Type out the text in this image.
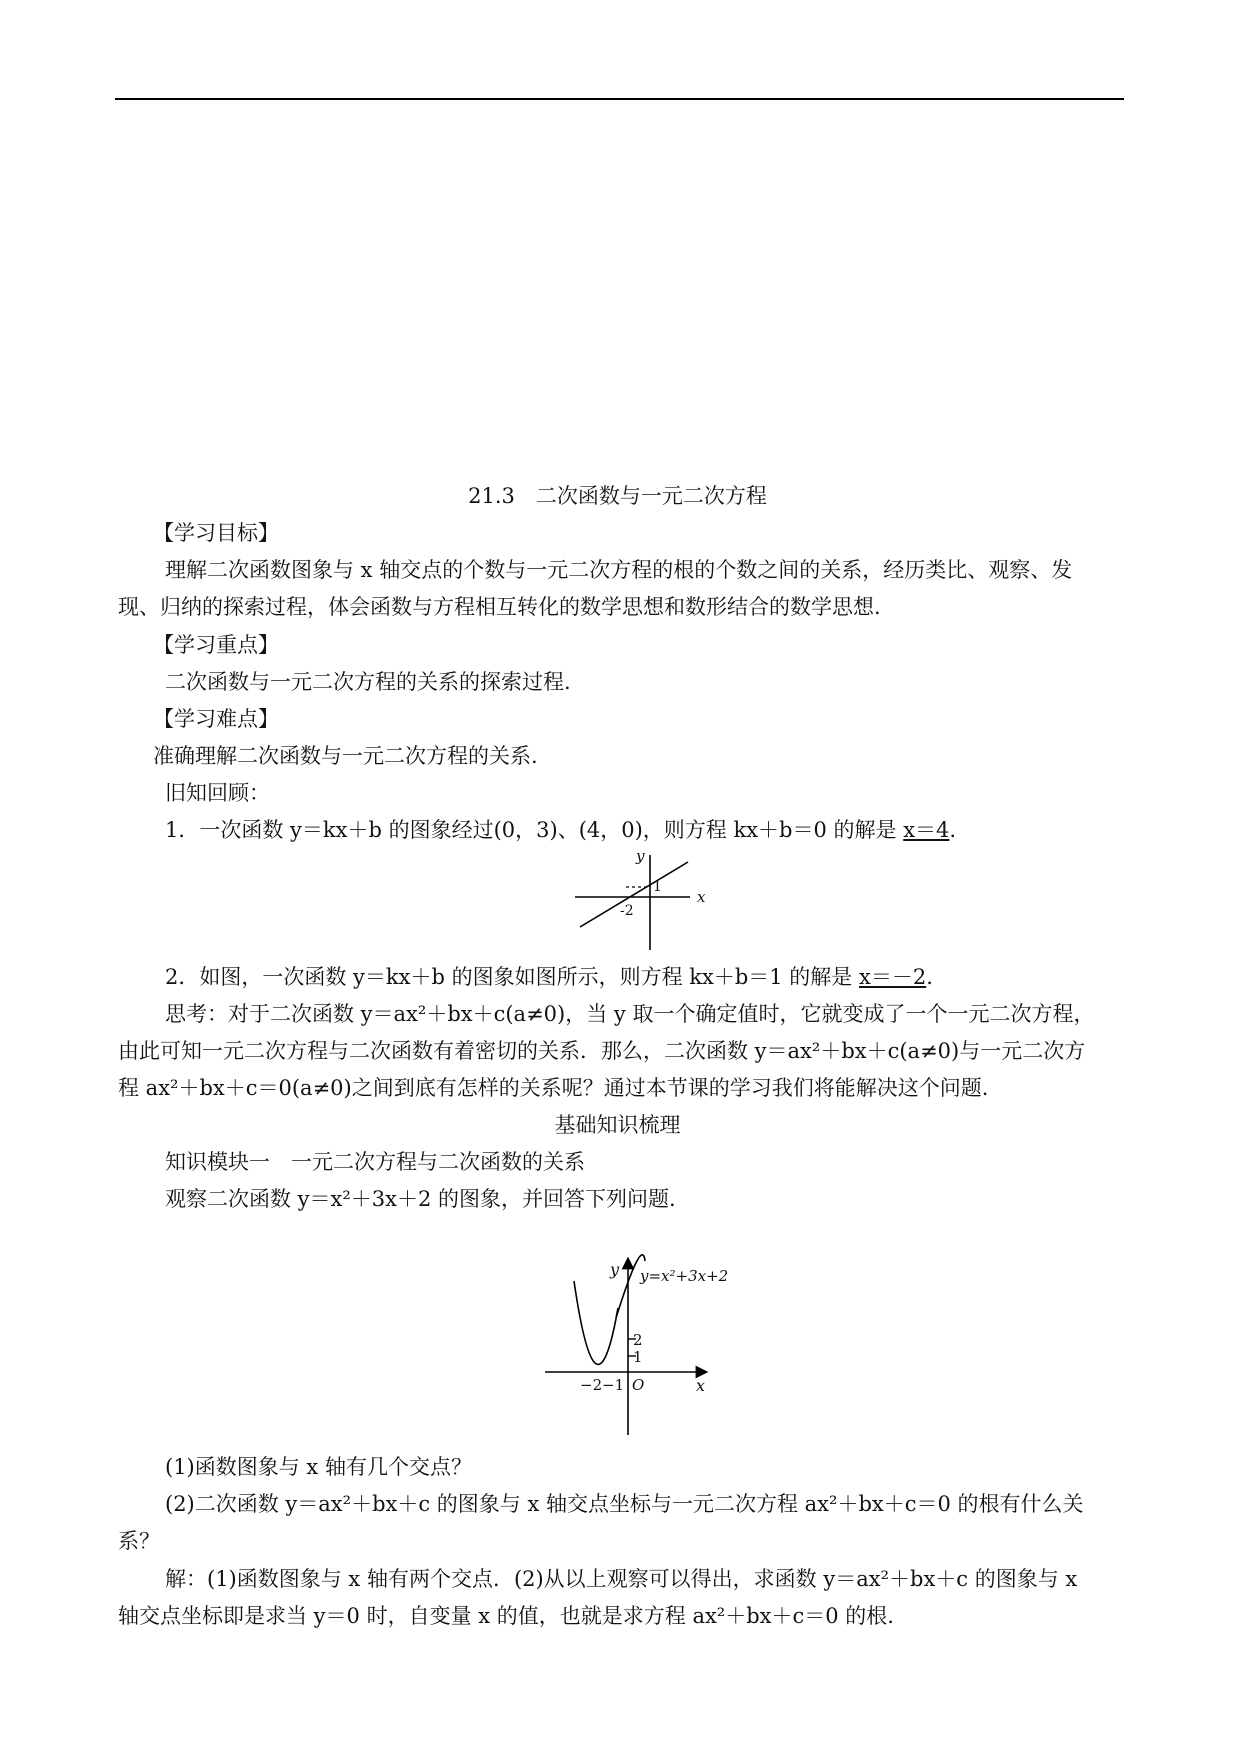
21.3　二次函数与一元二次方程
【学习目标】
理解二次函数图象与 x 轴交点的个数与一元二次方程的根的个数之间的关系，经历类比、观察、发
现、归纳的探索过程，体会函数与方程相互转化的数学思想和数形结合的数学思想.
【学习重点】
二次函数与一元二次方程的关系的探索过程.
【学习难点】
准确理解二次函数与一元二次方程的关系.
旧知回顾：
1．一次函数 y＝kx＋b 的图象经过(0，3)、(4，0)，则方程 kx＋b＝0 的解是 x＝4.
y
x
1
-2
2．如图，一次函数 y＝kx＋b 的图象如图所示，则方程 kx＋b＝1 的解是 x＝－2.
思考：对于二次函数 y＝ax²＋bx＋c(a≠0)，当 y 取一个确定值时，它就变成了一个一元二次方程，
由此可知一元二次方程与二次函数有着密切的关系．那么，二次函数 y＝ax²＋bx＋c(a≠0)与一元二次方
程 ax²＋bx＋c＝0(a≠0)之间到底有怎样的关系呢？通过本节课的学习我们将能解决这个问题.
基础知识梳理
知识模块一　一元二次方程与二次函数的关系
观察二次函数 y＝x²＋3x＋2 的图象，并回答下列问题.
y
x
y=x²+3x+2
2
1
−2 −1 O
(1)函数图象与 x 轴有几个交点？
(2)二次函数 y＝ax²＋bx＋c 的图象与 x 轴交点坐标与一元二次方程 ax²＋bx＋c＝0 的根有什么关
系？
解：(1)函数图象与 x 轴有两个交点．(2)从以上观察可以得出，求函数 y＝ax²＋bx＋c 的图象与 x
轴交点坐标即是求当 y＝0 时，自变量 x 的值，也就是求方程 ax²＋bx＋c＝0 的根.
